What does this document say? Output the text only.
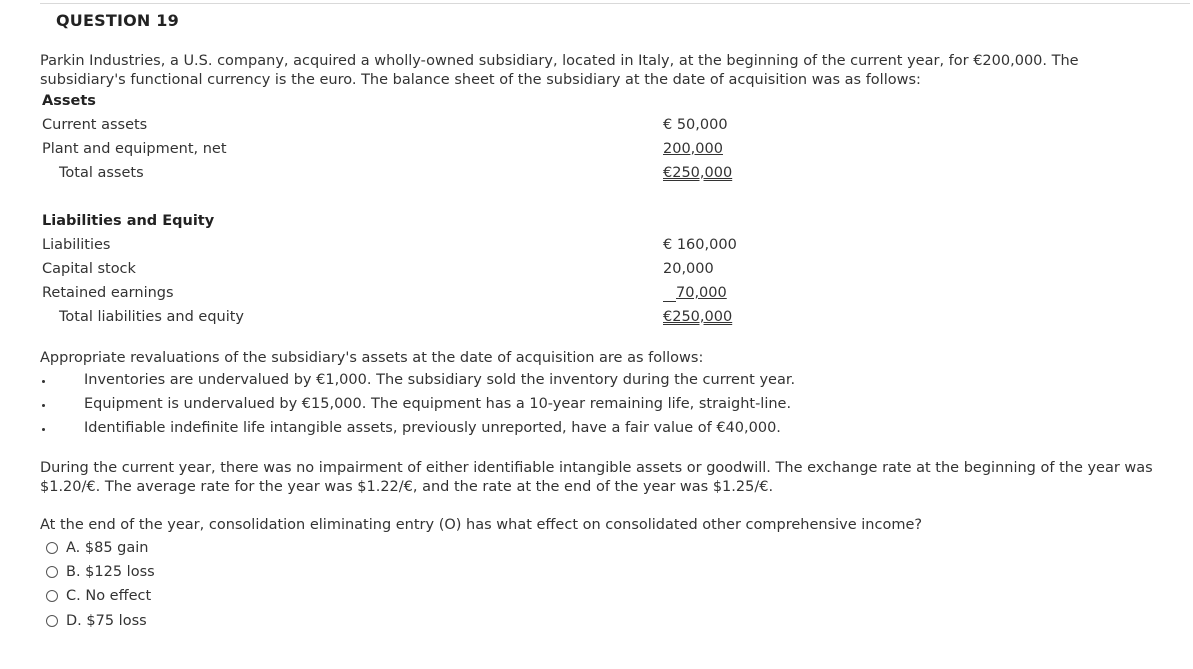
QUESTION 19
Parkin Industries, a U.S. company, acquired a wholly-owned subsidiary, located in Italy, at the beginning of the current year, for €200,000. The subsidiary's functional currency is the euro. The balance sheet of the subsidiary at the date of acquisition was as follows:
Assets
Current assets	€ 50,000
Plant and equipment, net	200,000
Total assets	€250,000
Liabilities and Equity
Liabilities	€ 160,000
Capital stock	20,000
Retained earnings	70,000
Total liabilities and equity	€250,000
Appropriate revaluations of the subsidiary's assets at the date of acquisition are as follows:
Inventories are undervalued by €1,000. The subsidiary sold the inventory during the current year.
Equipment is undervalued by €15,000. The equipment has a 10-year remaining life, straight-line.
Identifiable indefinite life intangible assets, previously unreported, have a fair value of €40,000.
During the current year, there was no impairment of either identifiable intangible assets or goodwill. The exchange rate at the beginning of the year was $1.20/€. The average rate for the year was $1.22/€, and the rate at the end of the year was $1.25/€.
At the end of the year, consolidation eliminating entry (O) has what effect on consolidated other comprehensive income?
A. $85 gain
B. $125 loss
C. No effect
D. $75 loss
